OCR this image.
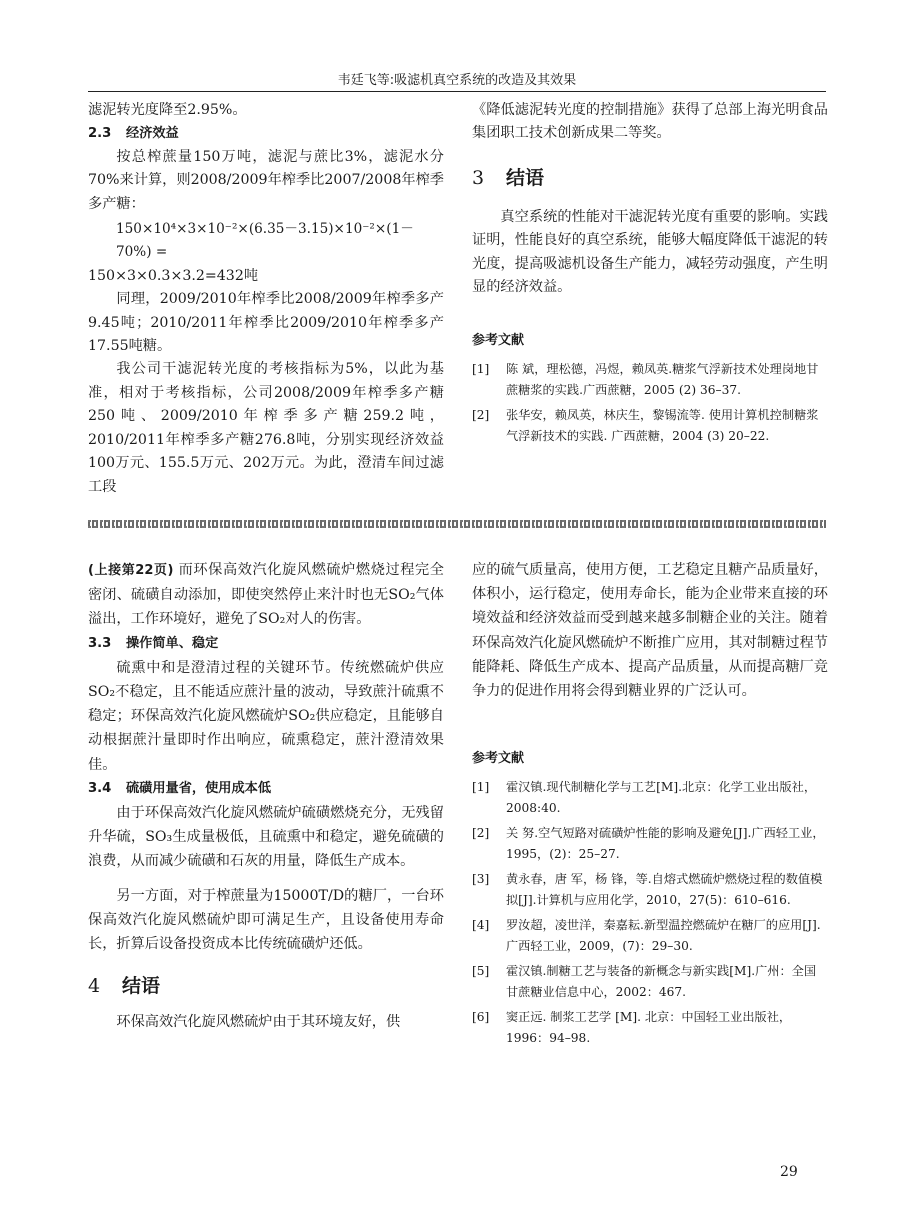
韦廷飞等:吸滤机真空系统的改造及其效果

滤泥转光度降至2.95%。

2.3 经济效益

按总榨蔗量150万吨，滤泥与蔗比3%，滤泥水分70%来计算，则2008/2009年榨季比2007/2008年榨季多产糖：

150×10⁴×3×10⁻²×(6.35－3.15)×10⁻²×(1－70%) =

150×3×0.3×3.2=432吨

同理，2009/2010年榨季比2008/2009年榨季多产9.45吨；2010/2011年榨季比2009/2010年榨季多产17.55吨糖。

我公司干滤泥转光度的考核指标为5%，以此为基准，相对于考核指标，公司2008/2009年榨季多产糖250吨、2009/2010年榨季多产糖259.2吨，2010/2011年榨季多产糖276.8吨，分别实现经济效益100万元、155.5万元、202万元。为此，澄清车间过滤工段

《降低滤泥转光度的控制措施》获得了总部上海光明食品集团职工技术创新成果二等奖。

3 结语

真空系统的性能对干滤泥转光度有重要的影响。实践证明，性能良好的真空系统，能够大幅度降低干滤泥的转光度，提高吸滤机设备生产能力，减轻劳动强度，产生明显的经济效益。

参考文献

[1]	陈 斌，理松德，冯煜，赖凤英.糖浆气浮新技术处理岗地甘蔗糖浆的实践.广西蔗糖，2005 (2) 36–37.
[2]	张华安，赖凤英，林庆生，黎锡流等. 使用计算机控制糖浆气浮新技术的实践. 广西蔗糖，2004 (3) 20–22.

(上接第22页) 而环保高效汽化旋风燃硫炉燃烧过程完全密闭、硫磺自动添加，即使突然停止来汁时也无SO₂气体溢出，工作环境好，避免了SO₂对人的伤害。

3.3 操作简单、稳定

硫熏中和是澄清过程的关键环节。传统燃硫炉供应SO₂不稳定，且不能适应蔗汁量的波动，导致蔗汁硫熏不稳定；环保高效汽化旋风燃硫炉SO₂供应稳定，且能够自动根据蔗汁量即时作出响应，硫熏稳定，蔗汁澄清效果佳。

3.4 硫磺用量省，使用成本低

由于环保高效汽化旋风燃硫炉硫磺燃烧充分，无残留升华硫，SO₃生成量极低，且硫熏中和稳定，避免硫磺的浪费，从而减少硫磺和石灰的用量，降低生产成本。

另一方面，对于榨蔗量为15000T/D的糖厂，一台环保高效汽化旋风燃硫炉即可满足生产，且设备使用寿命长，折算后设备投资成本比传统硫磺炉还低。

4 结语

环保高效汽化旋风燃硫炉由于其环境友好，供

应的硫气质量高，使用方便，工艺稳定且糖产品质量好，体积小，运行稳定，使用寿命长，能为企业带来直接的环境效益和经济效益而受到越来越多制糖企业的关注。随着环保高效汽化旋风燃硫炉不断推广应用，其对制糖过程节能降耗、降低生产成本、提高产品质量，从而提高糖厂竞争力的促进作用将会得到糖业界的广泛认可。

参考文献

[1]	霍汉镇.现代制糖化学与工艺[M].北京：化学工业出版社，2008:40.
[2]	关 努.空气短路对硫磺炉性能的影响及避免[J].广西轻工业，1995，(2)：25–27.
[3]	黄永春，唐 军，杨 锋，等.自熔式燃硫炉燃烧过程的数值模拟[J].计算机与应用化学，2010，27(5)：610–616.
[4]	罗汝超，凌世洋，秦嘉耘.新型温控燃硫炉在糖厂的应用[J].广西轻工业，2009，(7)：29–30.
[5]	霍汉镇.制糖工艺与装备的新概念与新实践[M].广州：全国甘蔗糖业信息中心，2002：467.
[6]	窦正远. 制浆工艺学 [M]. 北京：中国轻工业出版社，1996：94–98.
29
